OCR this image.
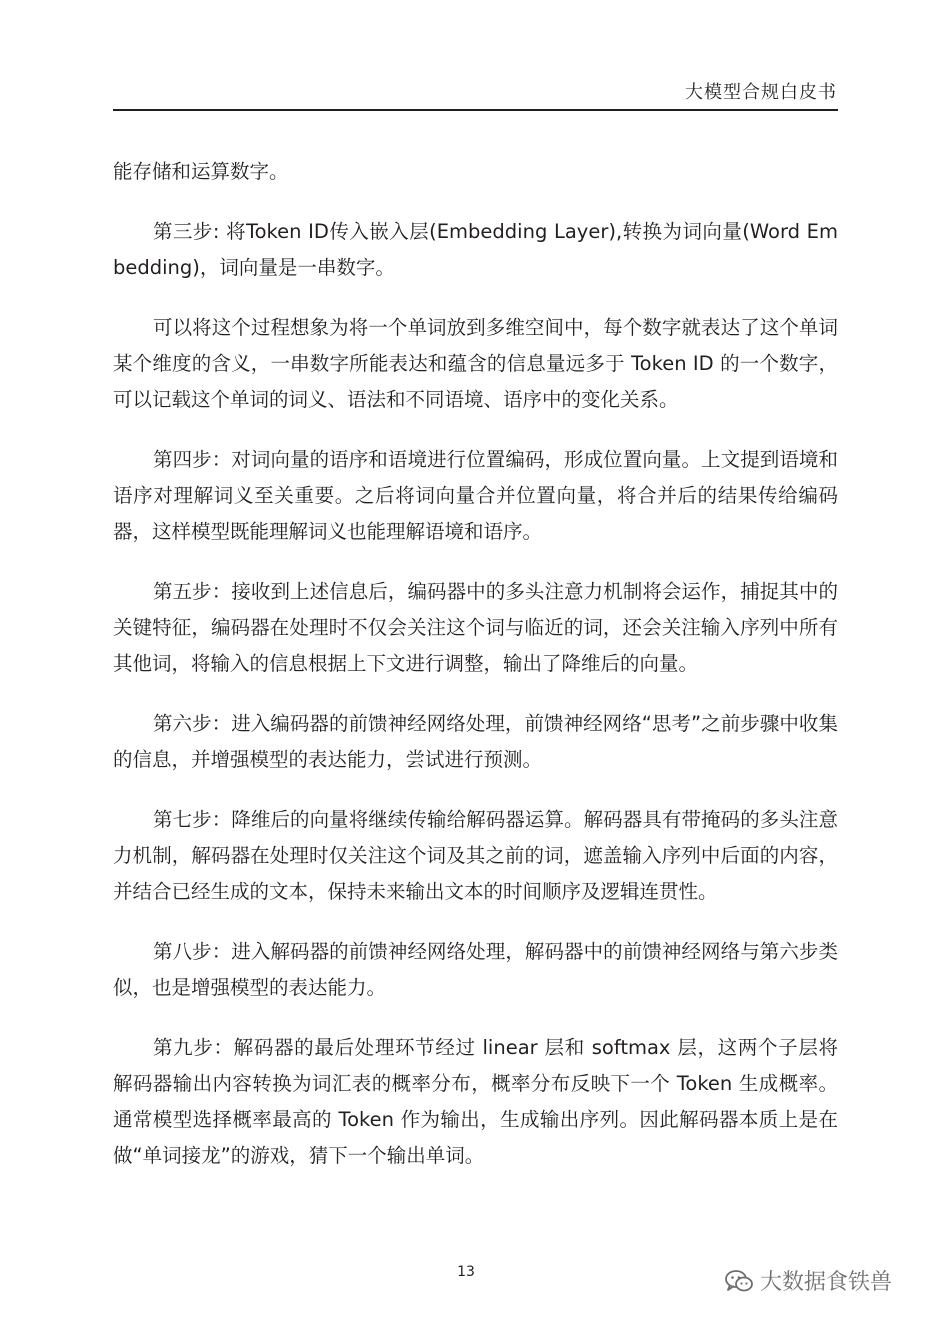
大模型合规白皮书

能存储和运算数字。

第三步: 将Token ID传入嵌入层(Embedding Layer),转换为词向量(Word Embedding)，词向量是一串数字。

可以将这个过程想象为将一个单词放到多维空间中，每个数字就表达了这个单词某个维度的含义，一串数字所能表达和蕴含的信息量远多于 Token ID 的一个数字，可以记载这个单词的词义、语法和不同语境、语序中的变化关系。

第四步：对词向量的语序和语境进行位置编码，形成位置向量。上文提到语境和语序对理解词义至关重要。之后将词向量合并位置向量，将合并后的结果传给编码器，这样模型既能理解词义也能理解语境和语序。

第五步：接收到上述信息后，编码器中的多头注意力机制将会运作，捕捉其中的关键特征，编码器在处理时不仅会关注这个词与临近的词，还会关注输入序列中所有其他词，将输入的信息根据上下文进行调整，输出了降维后的向量。

第六步：进入编码器的前馈神经网络处理，前馈神经网络“思考”之前步骤中收集的信息，并增强模型的表达能力，尝试进行预测。

第七步：降维后的向量将继续传输给解码器运算。解码器具有带掩码的多头注意力机制，解码器在处理时仅关注这个词及其之前的词，遮盖输入序列中后面的内容，并结合已经生成的文本，保持未来输出文本的时间顺序及逻辑连贯性。

第八步：进入解码器的前馈神经网络处理，解码器中的前馈神经网络与第六步类似，也是增强模型的表达能力。

第九步：解码器的最后处理环节经过 linear 层和 softmax 层，这两个子层将解码器输出内容转换为词汇表的概率分布，概率分布反映下一个 Token 生成概率。通常模型选择概率最高的 Token 作为输出，生成输出序列。因此解码器本质上是在做“单词接龙”的游戏，猜下一个输出单词。

13	大数据食铁兽
